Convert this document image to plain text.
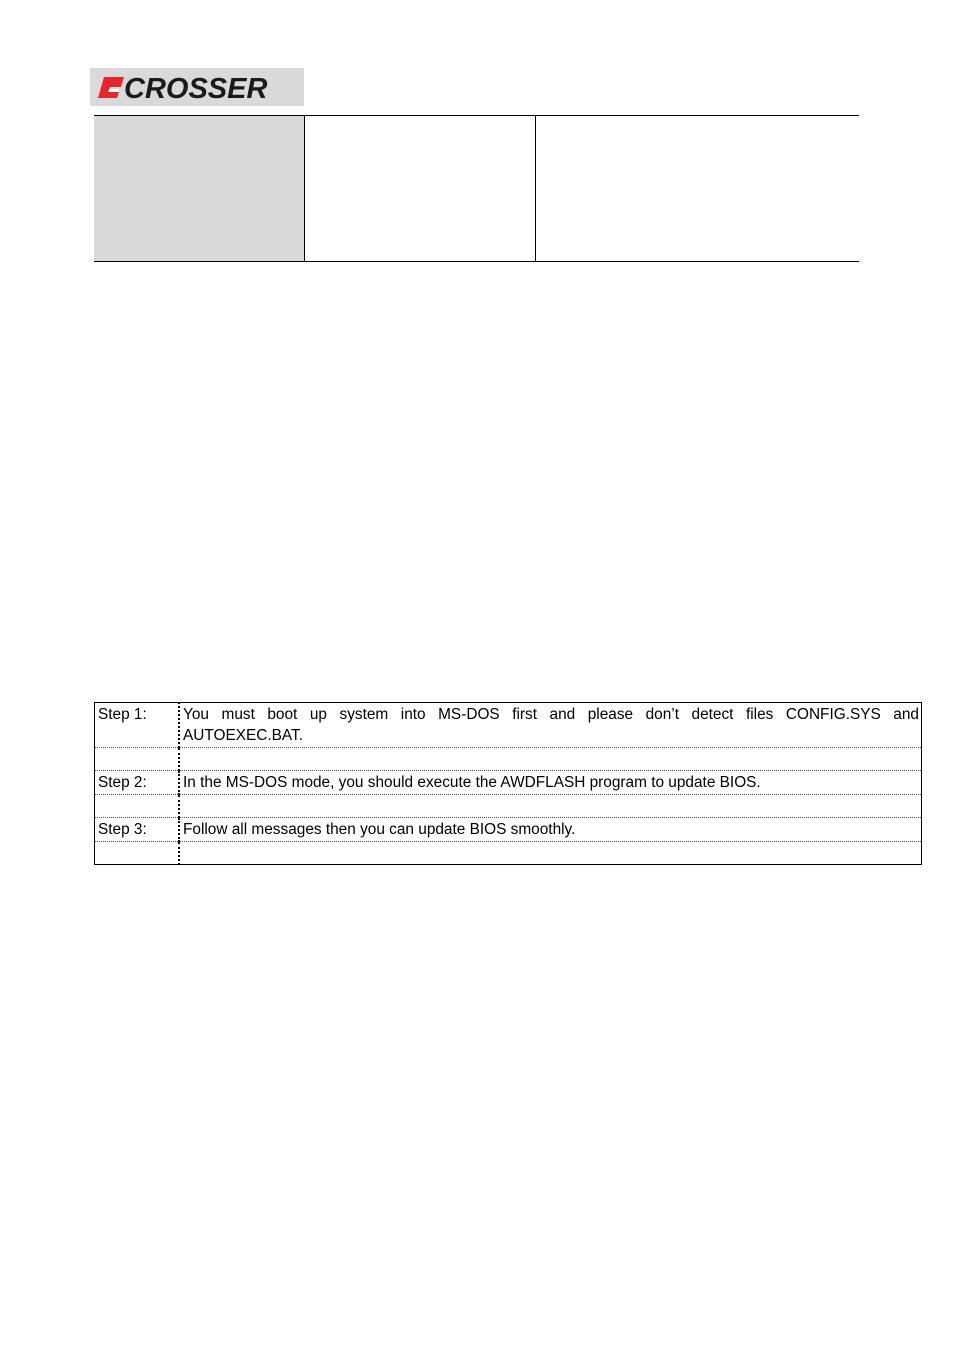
CROSSER
Step 1:	You must boot up system into MS-DOS first and please don’t detect files CONFIG.SYS and
AUTOEXEC.BAT.

Step 2:	In the MS-DOS mode, you should execute the AWDFLASH program to update BIOS.

Step 3:	Follow all messages then you can update BIOS smoothly.
